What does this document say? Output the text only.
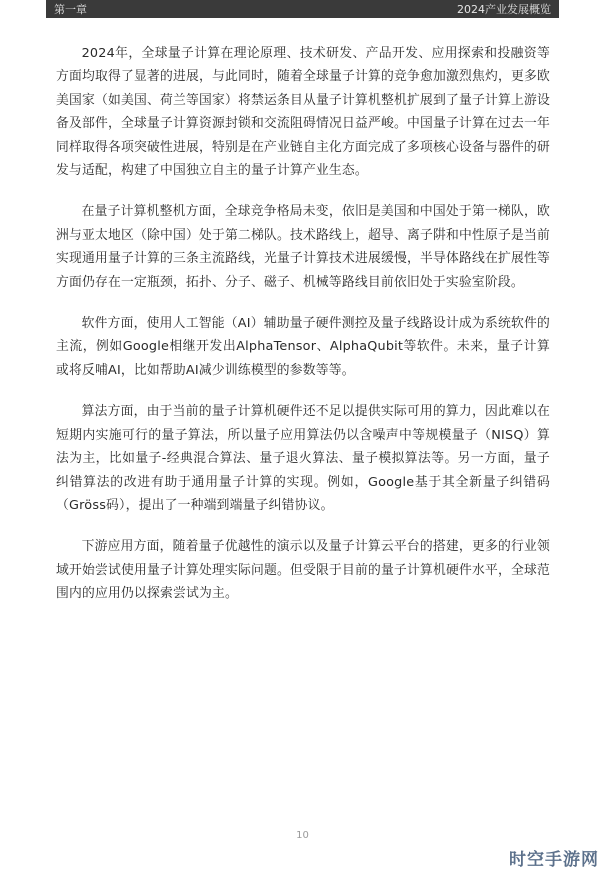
第一章	2024产业发展概览

2024年，全球量子计算在理论原理、技术研发、产品开发、应用探索和投融资等方面均取得了显著的进展，与此同时，随着全球量子计算的竞争愈加激烈焦灼，更多欧美国家（如美国、荷兰等国家）将禁运条目从量子计算机整机扩展到了量子计算上游设备及部件，全球量子计算资源封锁和交流阻碍情况日益严峻。中国量子计算在过去一年同样取得各项突破性进展，特别是在产业链自主化方面完成了多项核心设备与器件的研发与适配，构建了中国独立自主的量子计算产业生态。

在量子计算机整机方面，全球竞争格局未变，依旧是美国和中国处于第一梯队，欧洲与亚太地区（除中国）处于第二梯队。技术路线上，超导、离子阱和中性原子是当前实现通用量子计算的三条主流路线，光量子计算技术进展缓慢，半导体路线在扩展性等方面仍存在一定瓶颈，拓扑、分子、磁子、机械等路线目前依旧处于实验室阶段。

软件方面，使用人工智能（AI）辅助量子硬件测控及量子线路设计成为系统软件的主流，例如Google相继开发出AlphaTensor、AlphaQubit等软件。未来，量子计算或将反哺AI，比如帮助AI减少训练模型的参数等等。

算法方面，由于当前的量子计算机硬件还不足以提供实际可用的算力，因此难以在短期内实施可行的量子算法，所以量子应用算法仍以含噪声中等规模量子（NISQ）算法为主，比如量子-经典混合算法、量子退火算法、量子模拟算法等。另一方面，量子纠错算法的改进有助于通用量子计算的实现。例如，Google基于其全新量子纠错码（Gröss码），提出了一种端到端量子纠错协议。

下游应用方面，随着量子优越性的演示以及量子计算云平台的搭建，更多的行业领域开始尝试使用量子计算处理实际问题。但受限于目前的量子计算机硬件水平，全球范围内的应用仍以探索尝试为主。

10
时空手游网
